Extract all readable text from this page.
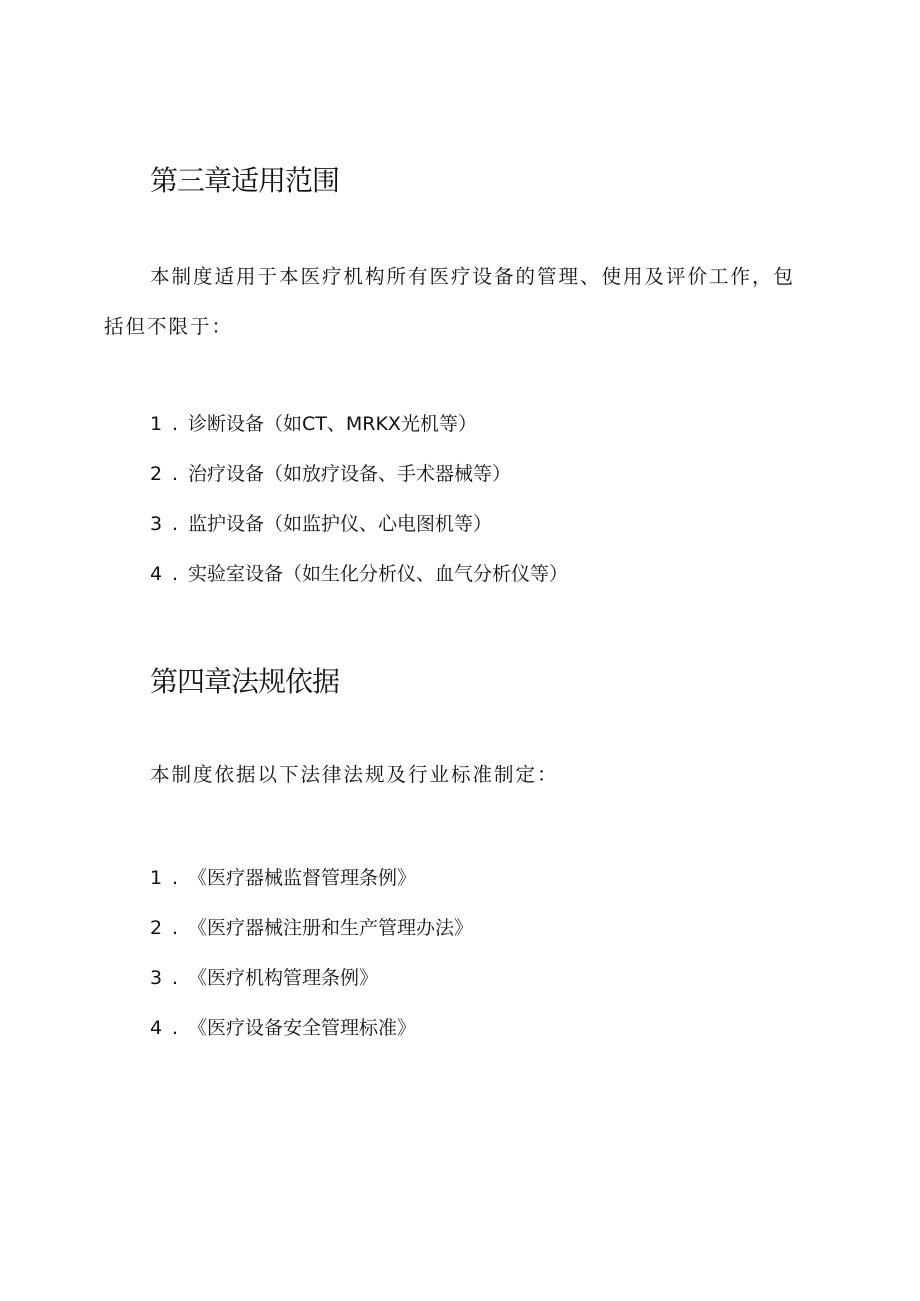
第三章适用范围

本制度适用于本医疗机构所有医疗设备的管理、使用及评价工作，包括但不限于：

1 . 诊断设备（如CT、MRKX光机等）
2 . 治疗设备（如放疗设备、手术器械等）
3 . 监护设备（如监护仪、心电图机等）
4 . 实验室设备（如生化分析仪、血气分析仪等）
第四章法规依据

本制度依据以下法律法规及行业标准制定：

1 . 《医疗器械监督管理条例》
2 . 《医疗器械注册和生产管理办法》
3 . 《医疗机构管理条例》
4 . 《医疗设备安全管理标准》
